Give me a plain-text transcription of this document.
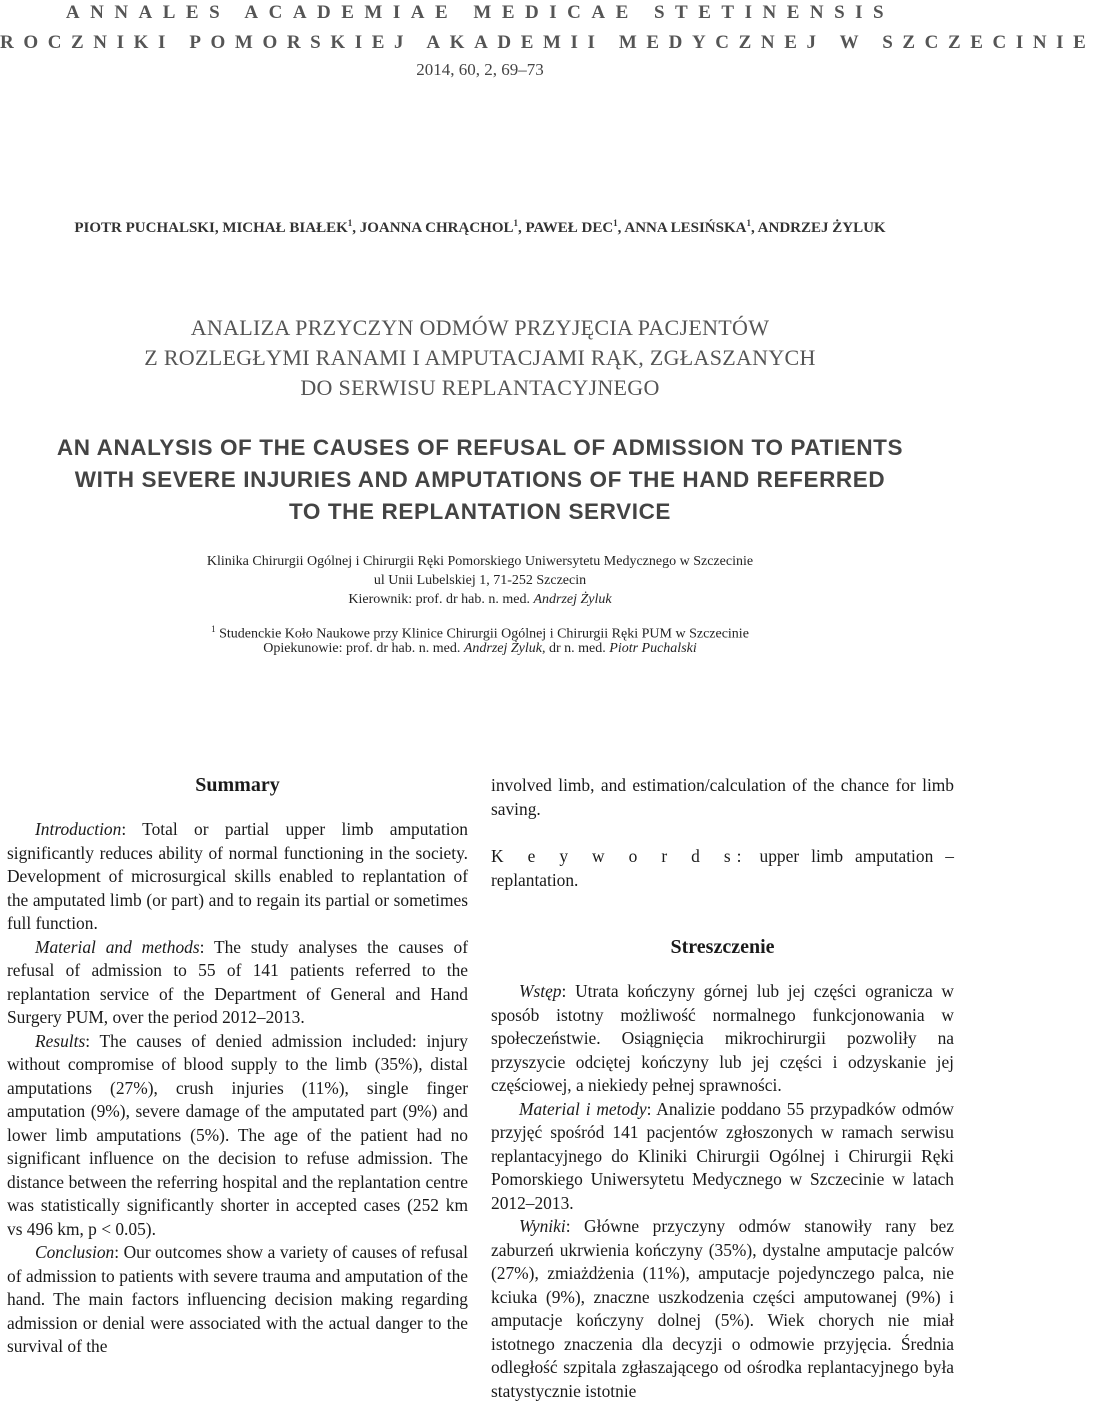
ANNALES ACADEMIAE MEDICAE STETINENSIS
ROCZNIKI POMORSKIEJ AKADEMII MEDYCZNEJ W SZCZECINIE
2014, 60, 2, 69–73
PIOTR PUCHALSKI, MICHAŁ BIAŁEK$^1$, JOANNA CHRĄCHOL$^1$, PAWEŁ DEC$^1$, ANNA LESIŃSKA$^1$, ANDRZEJ ŻYLUK
ANALIZA PRZYCZYN ODMÓW PRZYJĘCIA PACJENTÓW
Z ROZLEGŁYMI RANAMI I AMPUTACJAMI RĄK, ZGŁASZANYCH
DO SERWISU REPLANTACYJNEGO
AN ANALYSIS OF THE CAUSES OF REFUSAL OF ADMISSION TO PATIENTS
WITH SEVERE INJURIES AND AMPUTATIONS OF THE HAND REFERRED
TO THE REPLANTATION SERVICE
Klinika Chirurgii Ogólnej i Chirurgii Ręki Pomorskiego Uniwersytetu Medycznego w Szczecinie
ul Unii Lubelskiej 1, 71-252 Szczecin
Kierownik: prof. dr hab. n. med. Andrzej Żyluk
$^1$ Studenckie Koło Naukowe przy Klinice Chirurgii Ogólnej i Chirurgii Ręki PUM w Szczecinie
Opiekunowie: prof. dr hab. n. med. Andrzej Żyluk, dr n. med. Piotr Puchalski
Summary

Introduction: Total or partial upper limb amputation significantly reduces ability of normal functioning in the society. Development of microsurgical skills enabled to replantation of the amputated limb (or part) and to regain its partial or sometimes full function.

Material and methods: The study analyses the causes of refusal of admission to 55 of 141 patients referred to the replantation service of the Department of General and Hand Surgery PUM, over the period 2012–2013.

Results: The causes of denied admission included: injury without compromise of blood supply to the limb (35%), distal amputations (27%), crush injuries (11%), single finger amputation (9%), severe damage of the amputated part (9%) and lower limb amputations (5%). The age of the patient had no significant influence on the decision to refuse admission. The distance between the referring hospital and the replantation centre was statistically significantly shorter in accepted cases (252 km vs 496 km, p < 0.05).

Conclusion: Our outcomes show a variety of causes of refusal of admission to patients with severe trauma and amputation of the hand. The main factors influencing decision making regarding admission or denial were associated with the actual danger to the survival of the

involved limb, and estimation/calculation of the chance for limb saving.

K e y w o r d s: upper limb amputation – replantation.

Streszczenie

Wstęp: Utrata kończyny górnej lub jej części ogranicza w sposób istotny możliwość normalnego funkcjonowania w społeczeństwie. Osiągnięcia mikrochirurgii pozwoliły na przyszycie odciętej kończyny lub jej części i odzyskanie jej częściowej, a niekiedy pełnej sprawności.

Material i metody: Analizie poddano 55 przypadków odmów przyjęć spośród 141 pacjentów zgłoszonych w ramach serwisu replantacyjnego do Kliniki Chirurgii Ogólnej i Chirurgii Ręki Pomorskiego Uniwersytetu Medycznego w Szczecinie w latach 2012–2013.

Wyniki: Główne przyczyny odmów stanowiły rany bez zaburzeń ukrwienia kończyny (35%), dystalne amputacje palców (27%), zmiażdżenia (11%), amputacje pojedynczego palca, nie kciuka (9%), znaczne uszkodzenia części amputowanej (9%) i amputacje kończyny dolnej (5%). Wiek chorych nie miał istotnego znaczenia dla decyzji o odmowie przyjęcia. Średnia odległość szpitala zgłaszającego od ośrodka replantacyjnego była statystycznie istotnie
